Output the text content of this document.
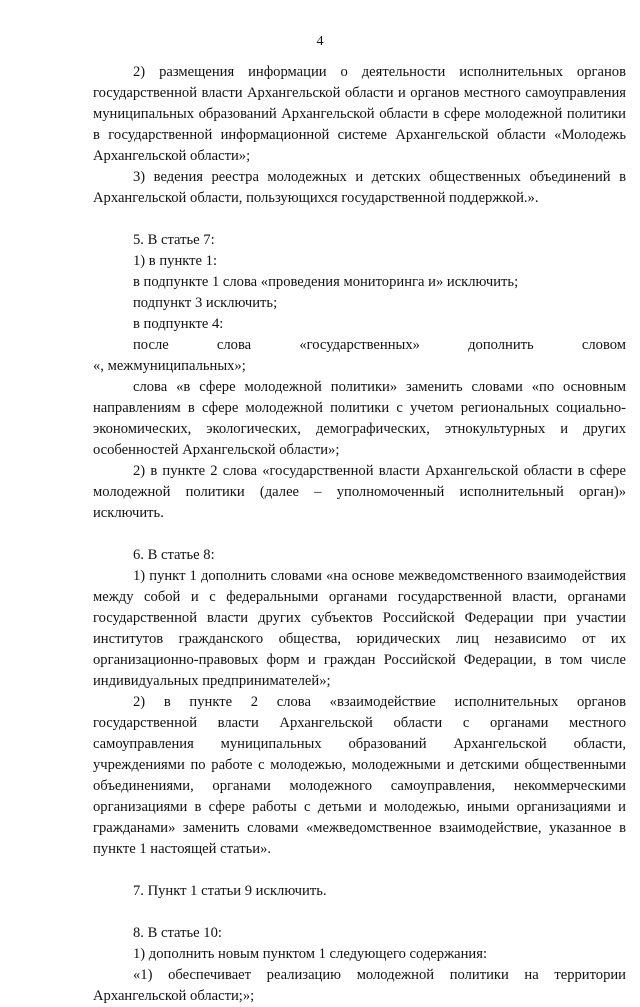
4

2) размещения информации о деятельности исполнительных органов государственной власти Архангельской области и органов местного самоуправления муниципальных образований Архангельской области в сфере молодежной политики в государственной информационной системе Архангельской области «Молодежь Архангельской области»;

3) ведения реестра молодежных и детских общественных объединений в Архангельской области, пользующихся государственной поддержкой.».

5. В статье 7:

1) в пункте 1:

в подпункте 1 слова «проведения мониторинга и» исключить;

подпункт 3 исключить;

в подпункте 4:

после слова «государственных» дополнить словом

«, межмуниципальных»;

слова «в сфере молодежной политики» заменить словами «по основным направлениям в сфере молодежной политики с учетом региональных социально-экономических, экологических, демографических, этнокультурных и других особенностей Архангельской области»;

2) в пункте 2 слова «государственной власти Архангельской области в сфере молодежной политики (далее – уполномоченный исполнительный орган)» исключить.

6. В статье 8:

1) пункт 1 дополнить словами «на основе межведомственного взаимодействия между собой и с федеральными органами государственной власти, органами государственной власти других субъектов Российской Федерации при участии институтов гражданского общества, юридических лиц независимо от их организационно-правовых форм и граждан Российской Федерации, в том числе индивидуальных предпринимателей»;

2) в пункте 2 слова «взаимодействие исполнительных органов государственной власти Архангельской области с органами местного самоуправления муниципальных образований Архангельской области, учреждениями по работе с молодежью, молодежными и детскими общественными объединениями, органами молодежного самоуправления, некоммерческими организациями в сфере работы с детьми и молодежью, иными организациями и гражданами» заменить словами «межведомственное взаимодействие, указанное в пункте 1 настоящей статьи».

7. Пункт 1 статьи 9 исключить.

8. В статье 10:

1) дополнить новым пунктом 1 следующего содержания:

«1) обеспечивает реализацию молодежной политики на территории Архангельской области;»;
